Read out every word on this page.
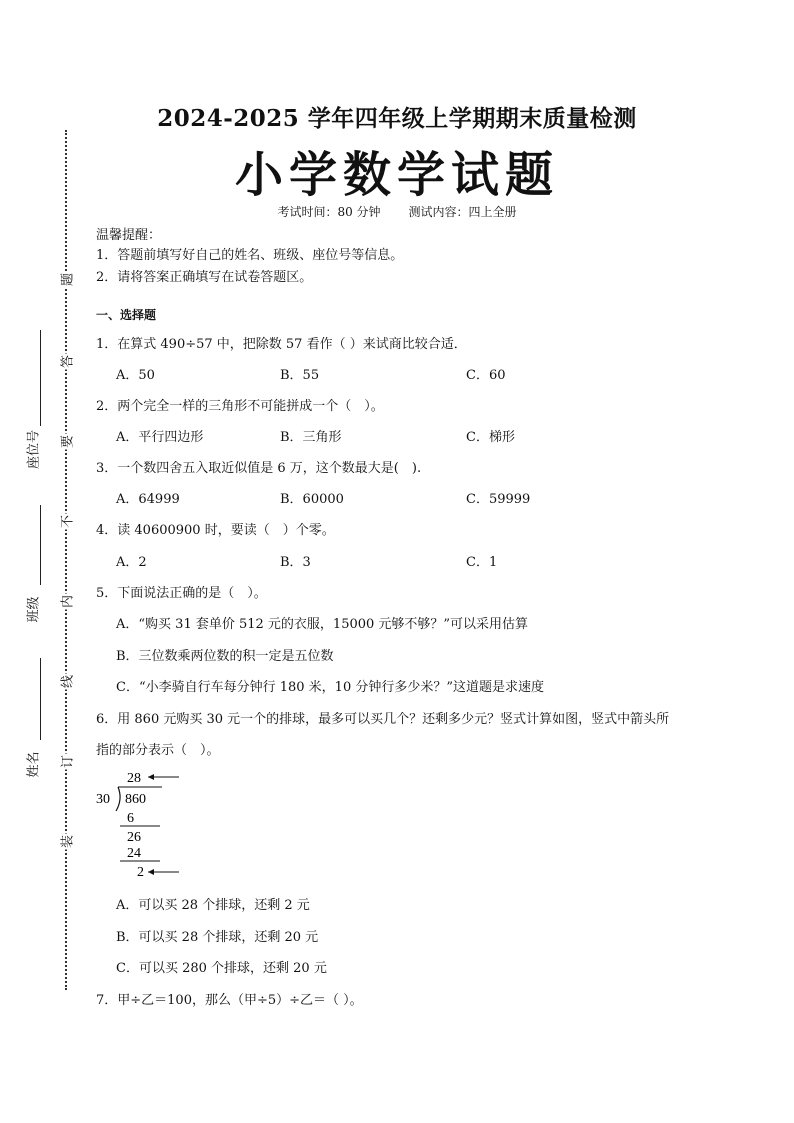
题
答
要
不
内
线
订
装
座位号
班级
姓名
2024-2025 学年四年级上学期期末质量检测
小学数学试题
考试时间：80 分钟 测试内容：四上全册
温馨提醒：
1．答题前填写好自己的姓名、班级、座位号等信息。
2．请将答案正确填写在试卷答题区。
一、选择题
1．在算式 490÷57 中，把除数 57 看作（ ）来试商比较合适．
A．50	B．55	C．60
2．两个完全一样的三角形不可能拼成一个（　）。
A．平行四边形	B．三角形	C．梯形
3．一个数四舍五入取近似值是 6 万，这个数最大是(　).
A．64999	B．60000	C．59999
4．读 40600900 时，要读（　）个零。
A．2	B．3	C．1
5．下面说法正确的是（　）。
A．“购买 31 套单价 512 元的衣服，15000 元够不够？”可以采用估算
B．三位数乘两位数的积一定是五位数
C．“小李骑自行车每分钟行 180 米，10 分钟行多少米？”这道题是求速度
6．用 860 元购买 30 元一个的排球，最多可以买几个？还剩多少元？竖式计算如图，竖式中箭头所
指的部分表示（　）。
28
30 860
6
26
24
2
A．可以买 28 个排球，还剩 2 元
B．可以买 28 个排球，还剩 20 元
C．可以买 280 个排球，还剩 20 元
7．甲÷乙＝100，那么（甲÷5）÷乙＝（ ）。
